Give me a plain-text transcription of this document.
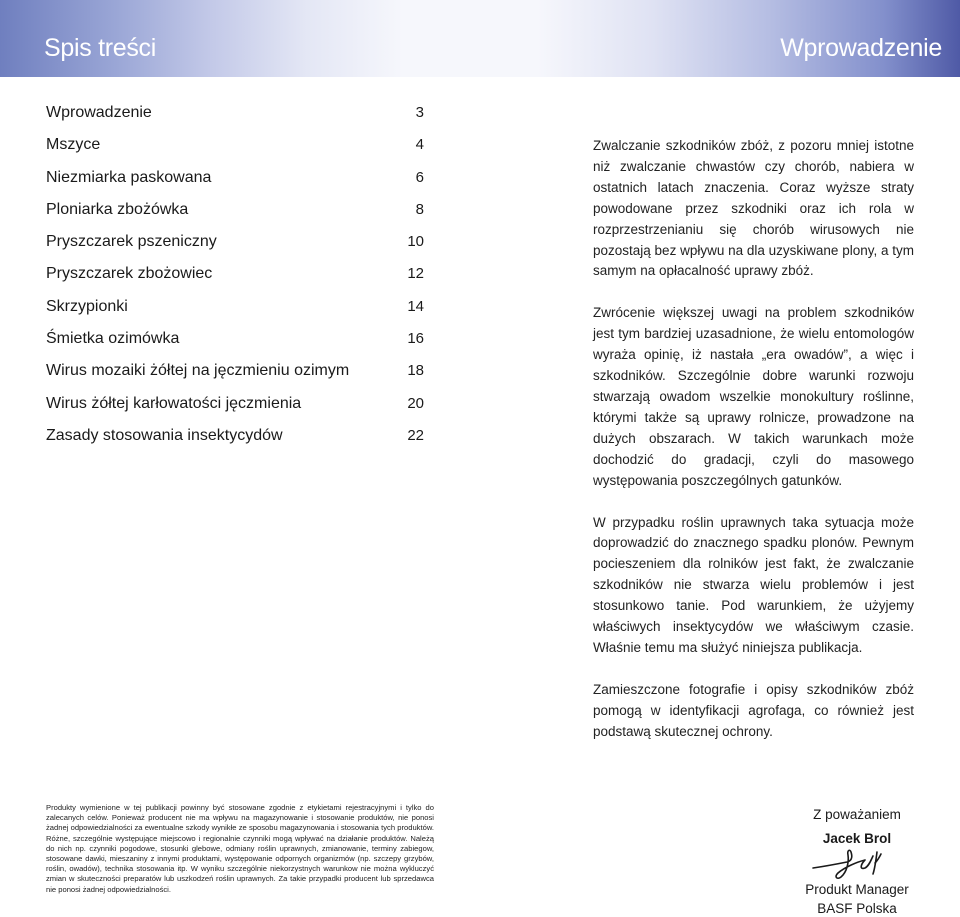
Spis treści	Wprowadzenie
Wprowadzenie	3
Mszyce	4
Niezmiarka paskowana	6
Ploniarka zbożówka	8
Pryszczarek pszeniczny	10
Pryszczarek zbożowiec	12
Skrzypionki	14
Śmietka ozimówka	16
Wirus mozaiki żółtej na jęczmieniu ozimym	18
Wirus żółtej karłowatości jęczmienia	20
Zasady stosowania insektycydów	22

Zwalczanie szkodników zbóż, z pozoru mniej istotne niż zwalczanie chwastów czy chorób, nabiera w ostatnich latach znaczenia. Coraz wyższe straty powodowane przez szkodniki oraz ich rola w rozprzestrzenianiu się chorób wirusowych nie pozostają bez wpływu na dla uzyskiwane plony, a tym samym na opłacalność uprawy zbóż.

Zwrócenie większej uwagi na problem szkodników jest tym bardziej uzasadnione, że wielu entomologów wyraża opinię, iż nastała „era owadów”, a więc i szkodników. Szczególnie dobre warunki rozwoju stwarzają owadom wszelkie monokultury roślinne, którymi także są uprawy rolnicze, prowadzone na dużych obszarach. W takich warunkach może dochodzić do gradacji, czyli do masowego występowania poszczególnych gatunków.

W przypadku roślin uprawnych taka sytuacja może doprowadzić do znacznego spadku plonów. Pewnym pocieszeniem dla rolników jest fakt, że zwalczanie szkodników nie stwarza wielu problemów i jest stosunkowo tanie. Pod warunkiem, że użyjemy właściwych insektycydów we właściwym czasie. Właśnie temu ma służyć niniejsza publikacja.

Zamieszczone fotografie i opisy szkodników zbóż pomogą w identyfikacji agrofaga, co również jest podstawą skutecznej ochrony.

Produkty wymienione w tej publikacji powinny być stosowane zgodnie z etykietami rejestracyjnymi i tylko do zalecanych celów. Ponieważ producent nie ma wpływu na magazynowanie i stosowanie produktów, nie ponosi żadnej odpowiedzialności za ewentualne szkody wynikłe ze sposobu magazynowania i stosowania tych produktów. Różne, szczególnie występujące miejscowo i regionalnie czynniki mogą wpływać na działanie produktów. Należą do nich np. czynniki pogodowe, stosunki glebowe, odmiany roślin uprawnych, zmianowanie, terminy zabiegow, stosowane dawki, mieszaniny z innymi produktami, występowanie odpornych organizmów (np. szczepy grzybów, roślin, owadów), technika stosowania itp. W wyniku szczególnie niekorzystnych warunkow nie można wykluczyć zmian w skuteczności preparatów lub uszkodzeń roślin uprawnych. Za takie przypadki producent lub sprzedawca nie ponosi żadnej odpowiedzialności.
Z poważaniem
Jacek Brol
Produkt Manager
BASF Polska
